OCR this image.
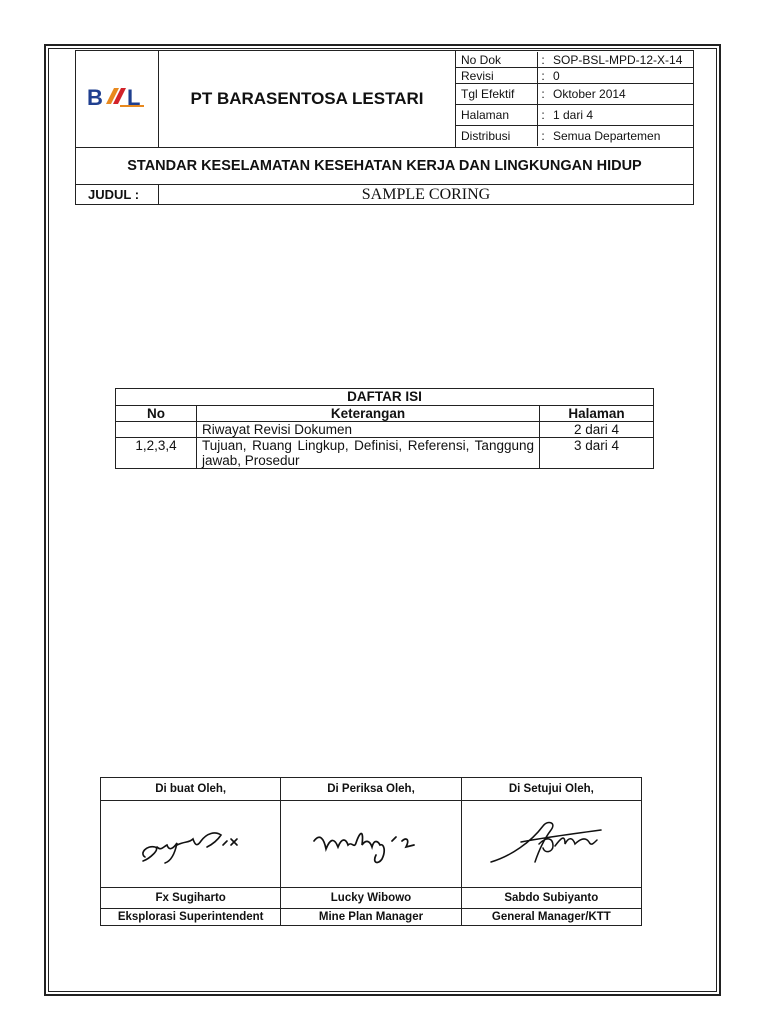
B L	PT BARASENTOSA LESTARI	
No Dok	:	SOP-BSL-MPD-12-X-14
Revisi	:	0
Tgl Efektif	:	Oktober 2014
Halaman	:	1 dari 4
Distribusi	:	Semua Departemen

STANDAR KESELAMATAN KESEHATAN KERJA DAN LINGKUNGAN HIDUP
JUDUL :	SAMPLE CORING
DAFTAR ISI		
No	Keterangan	Halaman
	Riwayat Revisi Dokumen	2 dari 4
1,2,3,4	Tujuan, Ruang Lingkup, Definisi, Referensi, Tanggung jawab, Prosedur	3 dari 4
Di buat Oleh,	Di Periksa Oleh,	Di Setujui Oleh,

Fx Sugiharto	Lucky Wibowo	Sabdo Subiyanto
Eksplorasi Superintendent	Mine Plan Manager	General Manager/KTT
